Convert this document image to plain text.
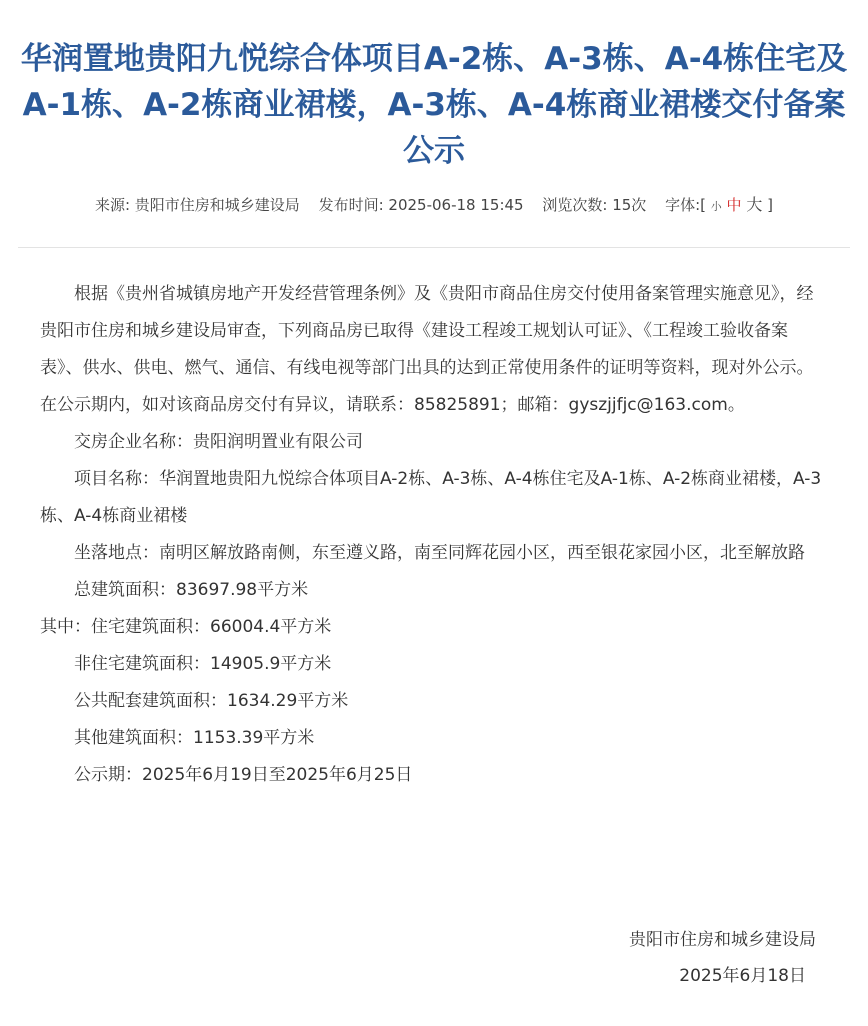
华润置地贵阳九悦综合体项目A-2栋、A-3栋、A-4栋住宅及A-1栋、A-2栋商业裙楼，A-3栋、A-4栋商业裙楼交付备案公示
来源: 贵阳市住房和城乡建设局 发布时间: 2025-06-18 15:45 浏览次数: 15次 字体:[ 小 中 大 ]

根据《贵州省城镇房地产开发经营管理条例》及《贵阳市商品住房交付使用备案管理实施意见》，经贵阳市住房和城乡建设局审查，下列商品房已取得《建设工程竣工规划认可证》、《工程竣工验收备案表》、供水、供电、燃气、通信、有线电视等部门出具的达到正常使用条件的证明等资料，现对外公示。在公示期内，如对该商品房交付有异议，请联系：85825891；邮箱：gyszjjfjc@163.com。

交房企业名称：贵阳润明置业有限公司

项目名称：华润置地贵阳九悦综合体项目A-2栋、A-3栋、A-4栋住宅及A-1栋、A-2栋商业裙楼，A-3栋、A-4栋商业裙楼

坐落地点：南明区解放路南侧，东至遵义路，南至同辉花园小区，西至银花家园小区，北至解放路

总建筑面积：83697.98平方米

其中：住宅建筑面积：66004.4平方米

非住宅建筑面积：14905.9平方米

公共配套建筑面积：1634.29平方米

其他建筑面积：1153.39平方米

公示期：2025年6月19日至2025年6月25日

贵阳市住房和城乡建设局
2025年6月18日
